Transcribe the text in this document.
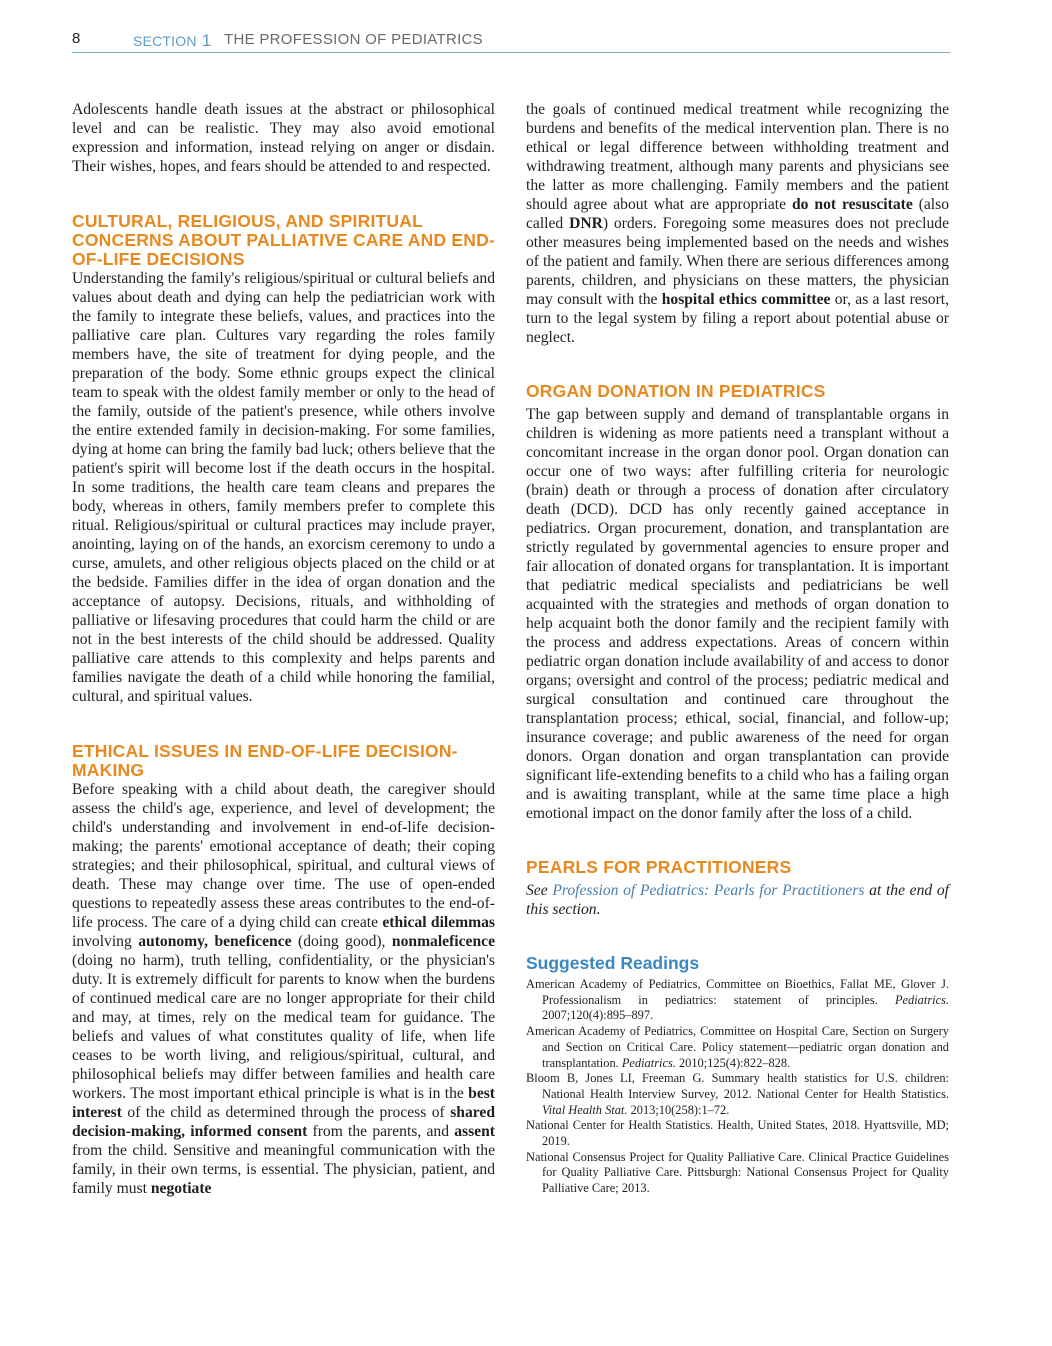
8	SECTION 1 THE PROFESSION OF PEDIATRICS

Adolescents handle death issues at the abstract or philosophical level and can be realistic. They may also avoid emotional expression and information, instead relying on anger or disdain. Their wishes, hopes, and fears should be attended to and respected.

CULTURAL, RELIGIOUS, AND SPIRITUAL CONCERNS ABOUT PALLIATIVE CARE AND END-OF-LIFE DECISIONS

Understanding the family's religious/spiritual or cultural beliefs and values about death and dying can help the pediatrician work with the family to integrate these beliefs, values, and practices into the palliative care plan. Cultures vary regarding the roles family members have, the site of treatment for dying people, and the preparation of the body. Some ethnic groups expect the clinical team to speak with the oldest family member or only to the head of the family, outside of the patient's presence, while others involve the entire extended family in decision-making. For some families, dying at home can bring the family bad luck; others believe that the patient's spirit will become lost if the death occurs in the hospital. In some traditions, the health care team cleans and prepares the body, whereas in others, family members prefer to complete this ritual. Religious/spiritual or cultural practices may include prayer, anointing, laying on of the hands, an exorcism ceremony to undo a curse, amulets, and other religious objects placed on the child or at the bedside. Families differ in the idea of organ donation and the acceptance of autopsy. Decisions, rituals, and withholding of palliative or lifesaving procedures that could harm the child or are not in the best interests of the child should be addressed. Quality palliative care attends to this complexity and helps parents and families navigate the death of a child while honoring the familial, cultural, and spiritual values.

ETHICAL ISSUES IN END-OF-LIFE DECISION-MAKING

Before speaking with a child about death, the caregiver should assess the child's age, experience, and level of development; the child's understanding and involvement in end-of-life decision-making; the parents' emotional acceptance of death; their coping strategies; and their philosophical, spiritual, and cultural views of death. These may change over time. The use of open-ended questions to repeatedly assess these areas contributes to the end-of-life process. The care of a dying child can create ethical dilemmas involving autonomy, beneficence (doing good), nonmaleficence (doing no harm), truth telling, confidentiality, or the physician's duty. It is extremely difficult for parents to know when the burdens of continued medical care are no longer appropriate for their child and may, at times, rely on the medical team for guidance. The beliefs and values of what constitutes quality of life, when life ceases to be worth living, and religious/spiritual, cultural, and philosophical beliefs may differ between families and health care workers. The most important ethical principle is what is in the best interest of the child as determined through the process of shared decision-making, informed consent from the parents, and assent from the child. Sensitive and meaningful communication with the family, in their own terms, is essential. The physician, patient, and family must negotiate

the goals of continued medical treatment while recognizing the burdens and benefits of the medical intervention plan. There is no ethical or legal difference between withholding treatment and withdrawing treatment, although many parents and physicians see the latter as more challenging. Family members and the patient should agree about what are appropriate do not resuscitate (also called DNR) orders. Foregoing some measures does not preclude other measures being implemented based on the needs and wishes of the patient and family. When there are serious differences among parents, children, and physicians on these matters, the physician may consult with the hospital ethics committee or, as a last resort, turn to the legal system by filing a report about potential abuse or neglect.

ORGAN DONATION IN PEDIATRICS

The gap between supply and demand of transplantable organs in children is widening as more patients need a transplant without a concomitant increase in the organ donor pool. Organ donation can occur one of two ways: after fulfilling criteria for neurologic (brain) death or through a process of donation after circulatory death (DCD). DCD has only recently gained acceptance in pediatrics. Organ procurement, donation, and transplantation are strictly regulated by governmental agencies to ensure proper and fair allocation of donated organs for transplantation. It is important that pediatric medical specialists and pediatricians be well acquainted with the strategies and methods of organ donation to help acquaint both the donor family and the recipient family with the process and address expectations. Areas of concern within pediatric organ donation include availability of and access to donor organs; oversight and control of the process; pediatric medical and surgical consultation and continued care throughout the transplantation process; ethical, social, financial, and follow-up; insurance coverage; and public awareness of the need for organ donors. Organ donation and organ transplantation can provide significant life-extending benefits to a child who has a failing organ and is awaiting transplant, while at the same time place a high emotional impact on the donor family after the loss of a child.

PEARLS FOR PRACTITIONERS

See Profession of Pediatrics: Pearls for Practitioners at the end of this section.

Suggested Readings
American Academy of Pediatrics, Committee on Bioethics, Fallat ME, Glover J. Professionalism in pediatrics: statement of principles. Pediatrics. 2007;120(4):895–897.
American Academy of Pediatrics, Committee on Hospital Care, Section on Surgery and Section on Critical Care. Policy statement—pediatric organ donation and transplantation. Pediatrics. 2010;125(4):822–828.
Bloom B, Jones LI, Freeman G. Summary health statistics for U.S. children: National Health Interview Survey, 2012. National Center for Health Statistics. Vital Health Stat. 2013;10(258):1–72.
National Center for Health Statistics. Health, United States, 2018. Hyattsville, MD; 2019.
National Consensus Project for Quality Palliative Care. Clinical Practice Guidelines for Quality Palliative Care. Pittsburgh: National Consensus Project for Quality Palliative Care; 2013.
